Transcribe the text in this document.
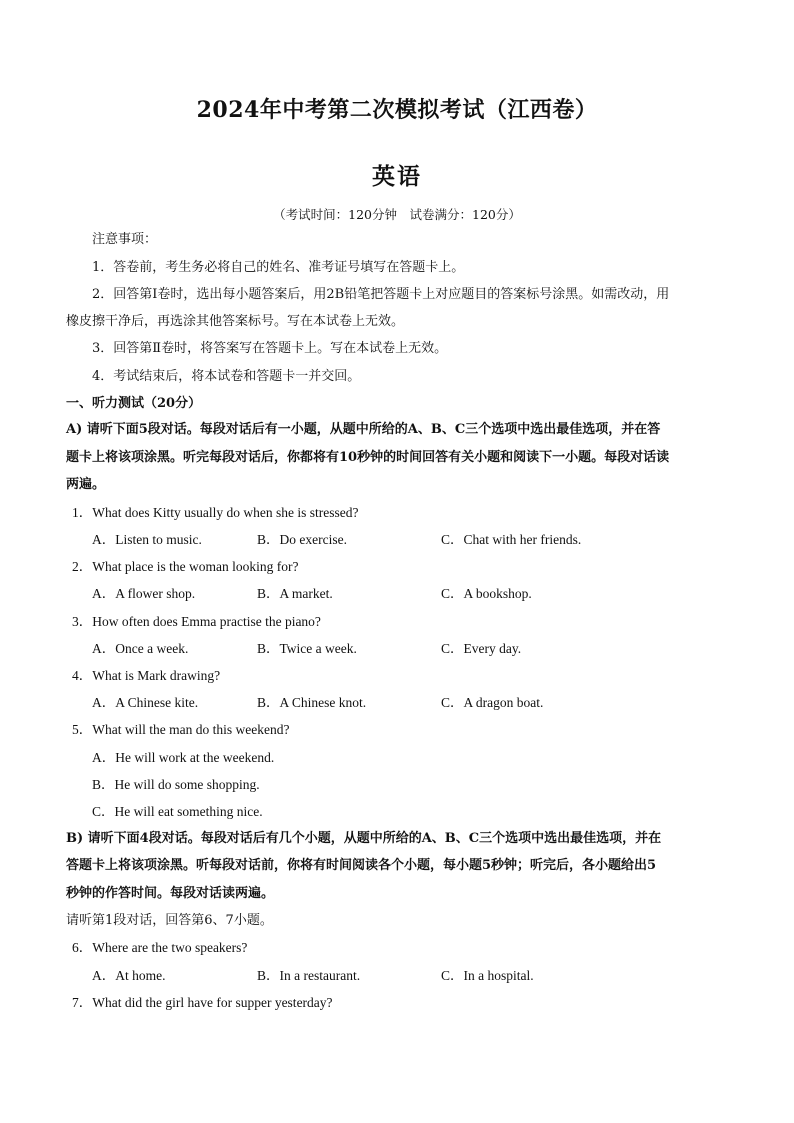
2024年中考第二次模拟考试（江西卷）
英语
（考试时间：120分钟　试卷满分：120分）
注意事项：
1．答卷前，考生务必将自己的姓名、准考证号填写在答题卡上。
2．回答第Ⅰ卷时，选出每小题答案后，用2B铅笔把答题卡上对应题目的答案标号涂黑。如需改动，用
橡皮擦干净后，再选涂其他答案标号。写在本试卷上无效。
3．回答第Ⅱ卷时，将答案写在答题卡上。写在本试卷上无效。
4．考试结束后，将本试卷和答题卡一并交回。
一、听力测试（20分）
A) 请听下面5段对话。每段对话后有一小题，从题中所给的A、B、C三个选项中选出最佳选项，并在答
题卡上将该项涂黑。听完每段对话后，你都将有10秒钟的时间回答有关小题和阅读下一小题。每段对话读
两遍。
1．What does Kitty usually do when she is stressed?
A．Listen to music.	B．Do exercise.	C．Chat with her friends.
2．What place is the woman looking for?
A．A flower shop.	B．A market.	C．A bookshop.
3．How often does Emma practise the piano?
A．Once a week.	B．Twice a week.	C．Every day.
4．What is Mark drawing?
A．A Chinese kite.	B．A Chinese knot.	C．A dragon boat.
5．What will the man do this weekend?
A．He will work at the weekend.
B．He will do some shopping.
C．He will eat something nice.
B) 请听下面4段对话。每段对话后有几个小题，从题中所给的A、B、C三个选项中选出最佳选项，并在
答题卡上将该项涂黑。听每段对话前，你将有时间阅读各个小题，每小题5秒钟；听完后，各小题给出5
秒钟的作答时间。每段对话读两遍。
请听第1段对话，回答第6、7小题。
6．Where are the two speakers?
A．At home.	B．In a restaurant.	C．In a hospital.
7．What did the girl have for supper yesterday?
